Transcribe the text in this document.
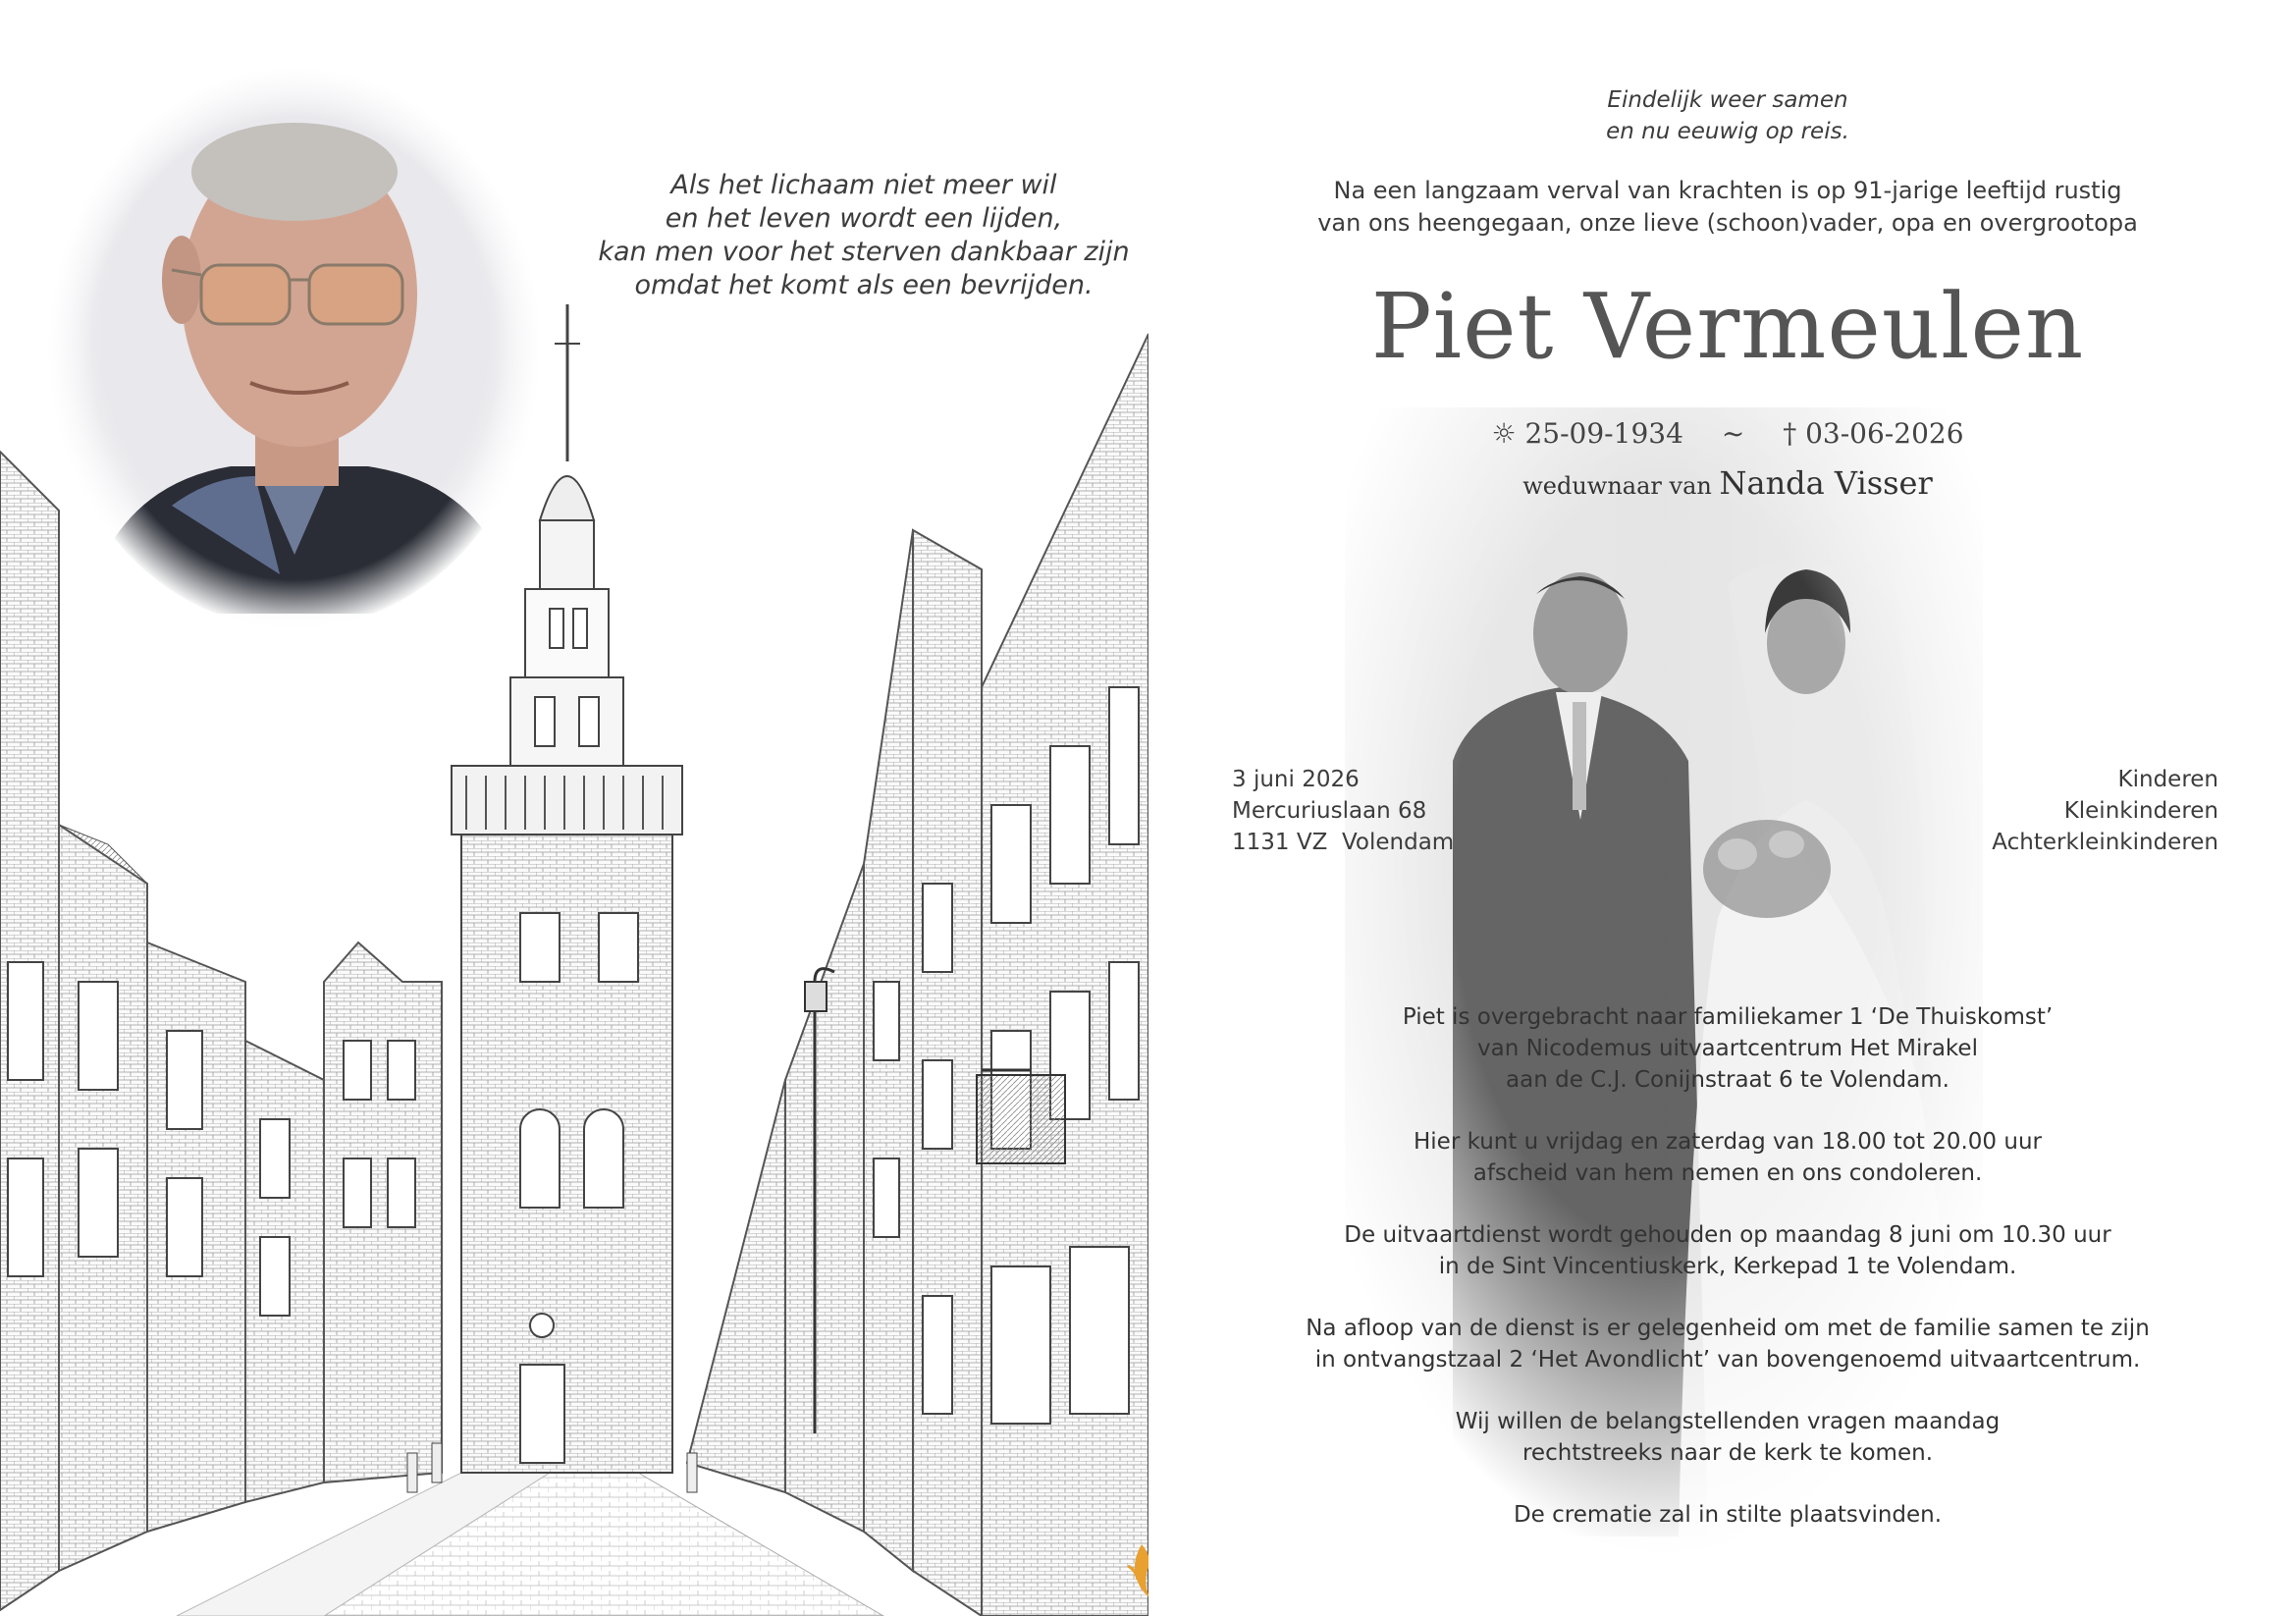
Als het lichaam niet meer wil
en het leven wordt een lijden,
kan men voor het sterven dankbaar zijn
omdat het komt als een bevrijden.
Eindelijk weer samen
en nu eeuwig op reis.
Na een langzaam verval van krachten is op 91-jarige leeftijd rustig
van ons heengegaan, onze lieve (schoon)vader, opa en overgrootopa
Piet Vermeulen
☼ 25-09-1934 ~ † 03-06-2026
weduwnaar van Nanda Visser
3 juni 2026
Mercuriuslaan 68
1131 VZ  Volendam
Kinderen
Kleinkinderen
Achterkleinkinderen
Piet is overgebracht naar familiekamer 1 ‘De Thuiskomst’
van Nicodemus uitvaartcentrum Het Mirakel
aan de C.J. Conijnstraat 6 te Volendam.
Hier kunt u vrijdag en zaterdag van 18.00 tot 20.00 uur
afscheid van hem nemen en ons condoleren.
De uitvaartdienst wordt gehouden op maandag 8 juni om 10.30 uur
in de Sint Vincentiuskerk, Kerkepad 1 te Volendam.
Na afloop van de dienst is er gelegenheid om met de familie samen te zijn
in ontvangstzaal 2 ‘Het Avondlicht’ van bovengenoemd uitvaartcentrum.
Wij willen de belangstellenden vragen maandag
rechtstreeks naar de kerk te komen.
De crematie zal in stilte plaatsvinden.
